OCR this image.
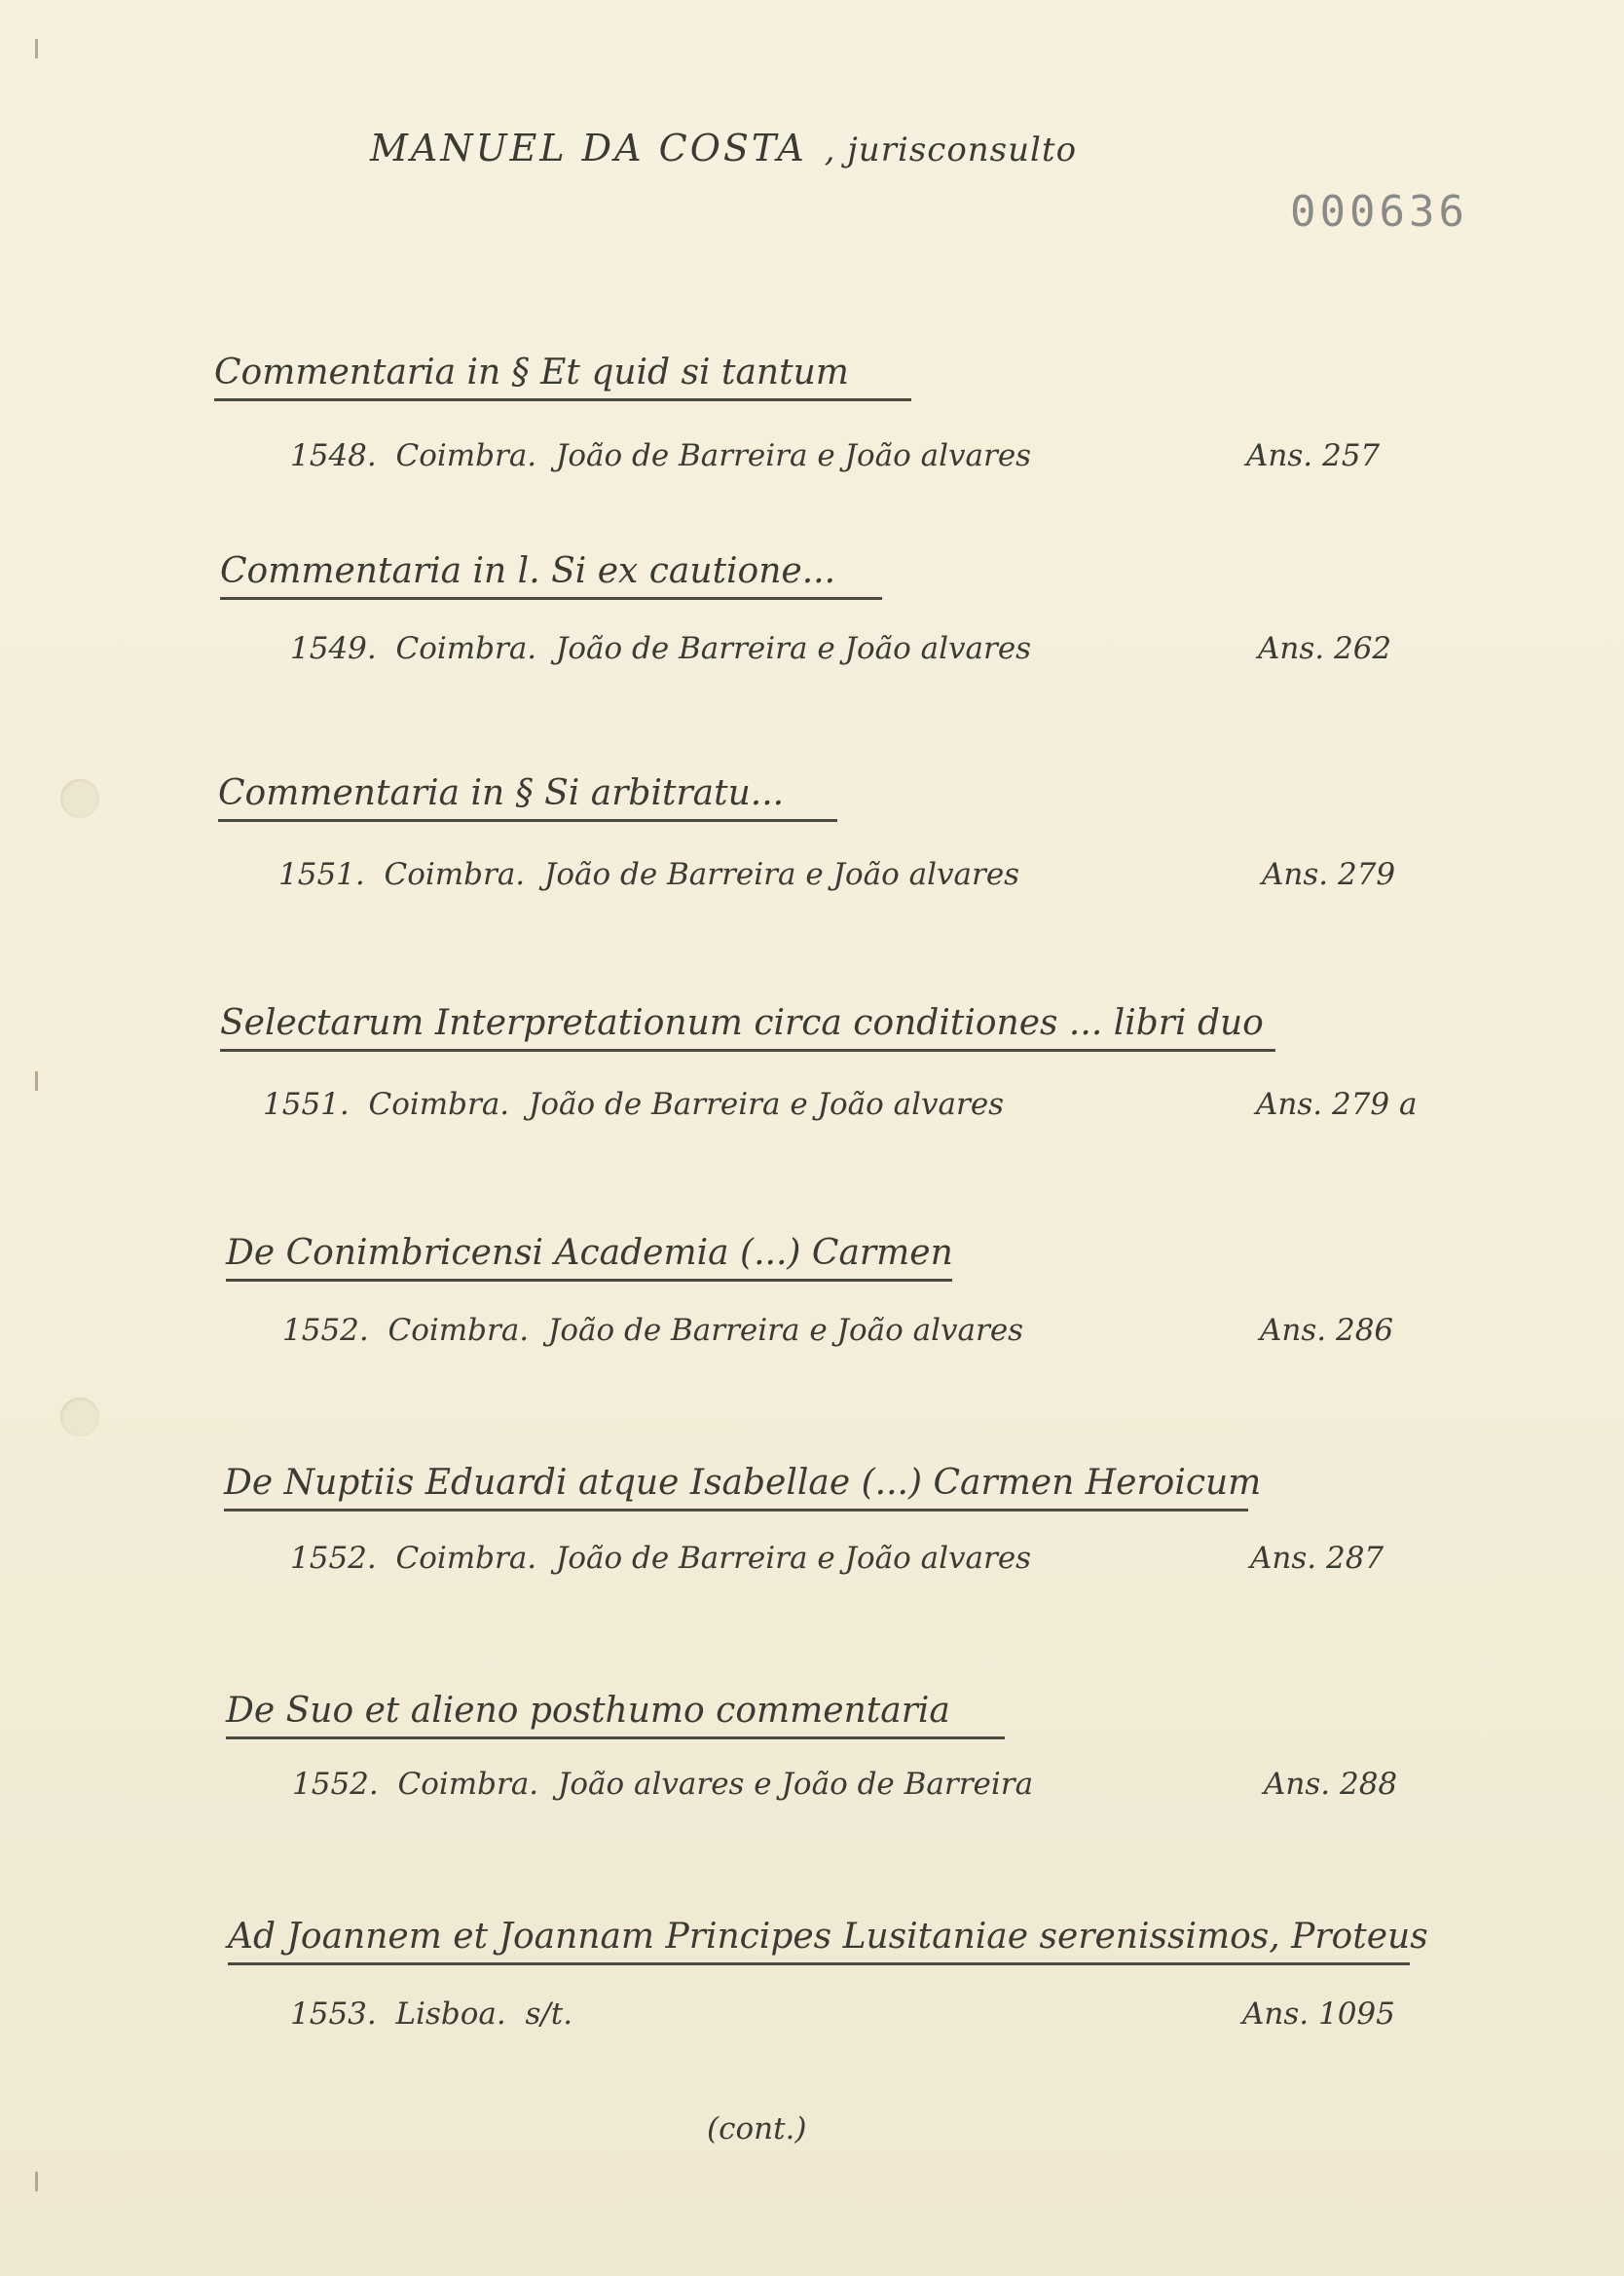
MANUEL DA COSTA , jurisconsulto
000636
Commentaria in § Et quid si tantum
1548. Coimbra. João de Barreira e João alvares	Ans. 257
Commentaria in l. Si ex cautione...
1549. Coimbra. João de Barreira e João alvares	Ans. 262
Commentaria in § Si arbitratu...
1551. Coimbra. João de Barreira e João alvares	Ans. 279
Selectarum Interpretationum circa conditiones ... libri duo
1551. Coimbra. João de Barreira e João alvares	Ans. 279 a
De Conimbricensi Academia (...) Carmen
1552. Coimbra. João de Barreira e João alvares	Ans. 286
De Nuptiis Eduardi atque Isabellae (...) Carmen Heroicum
1552. Coimbra. João de Barreira e João alvares	Ans. 287
De Suo et alieno posthumo commentaria
1552. Coimbra. João alvares e João de Barreira	Ans. 288
Ad Joannem et Joannam Principes Lusitaniae serenissimos, Proteus
1553. Lisboa. s/t.	Ans. 1095
(cont.)
